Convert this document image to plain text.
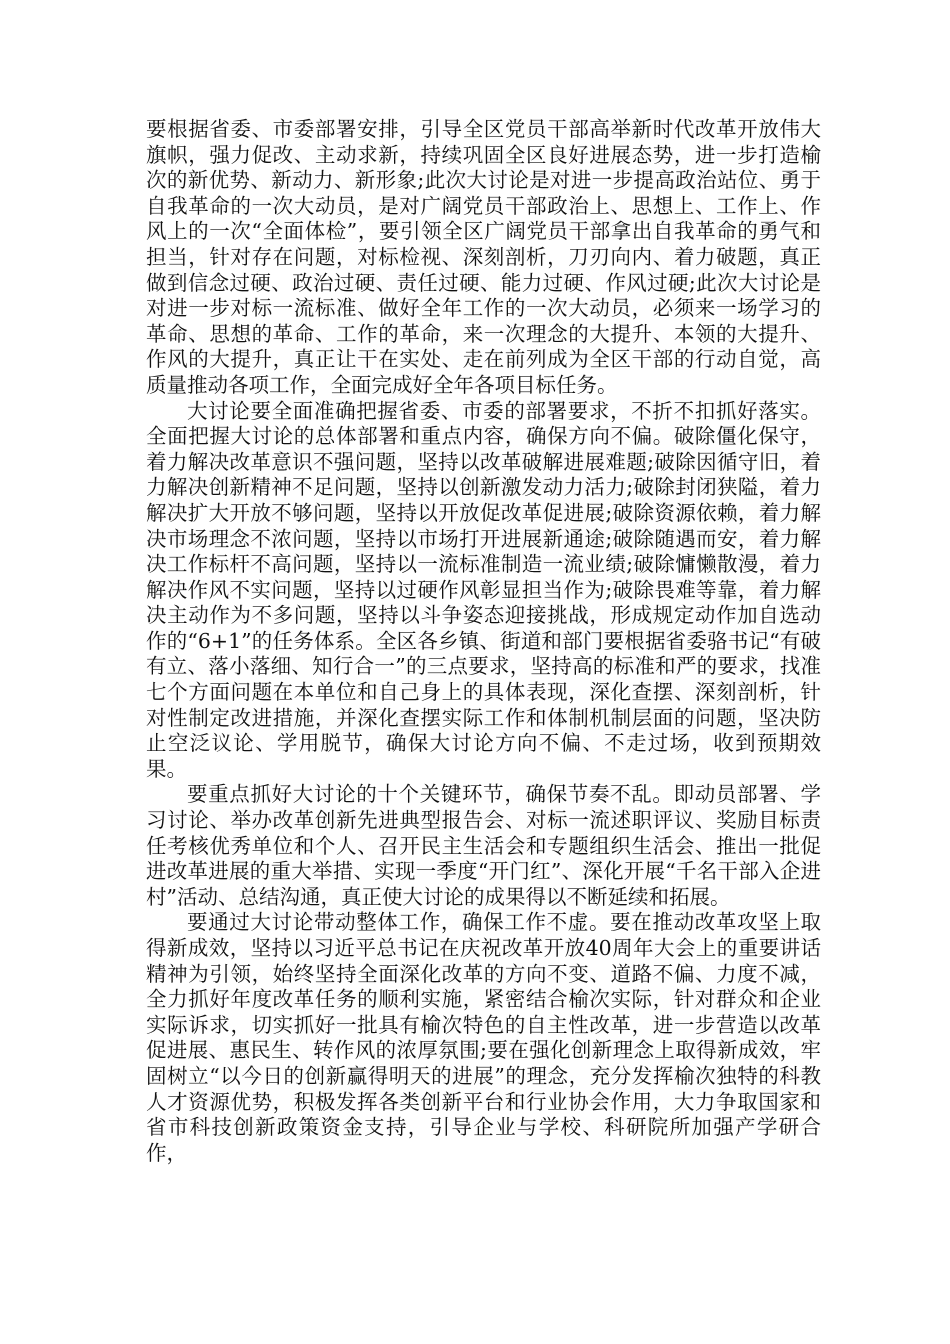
要根据省委、市委部署安排，引导全区党员干部高举新时代改革开放伟大旗帜，强力促改、主动求新，持续巩固全区良好进展态势，进一步打造榆次的新优势、新动力、新形象;此次大讨论是对进一步提高政治站位、勇于自我革命的一次大动员，是对广阔党员干部政治上、思想上、工作上、作风上的一次“全面体检”，要引领全区广阔党员干部拿出自我革命的勇气和担当，针对存在问题，对标检视、深刻剖析，刀刃向内、着力破题，真正做到信念过硬、政治过硬、责任过硬、能力过硬、作风过硬;此次大讨论是对进一步对标一流标准、做好全年工作的一次大动员，必须来一场学习的革命、思想的革命、工作的革命，来一次理念的大提升、本领的大提升、作风的大提升，真正让干在实处、走在前列成为全区干部的行动自觉，高质量推动各项工作，全面完成好全年各项目标任务。

大讨论要全面准确把握省委、市委的部署要求，不折不扣抓好落实。全面把握大讨论的总体部署和重点内容，确保方向不偏。破除僵化保守，着力解决改革意识不强问题，坚持以改革破解进展难题;破除因循守旧，着力解决创新精神不足问题，坚持以创新激发动力活力;破除封闭狭隘，着力解决扩大开放不够问题，坚持以开放促改革促进展;破除资源依赖，着力解决市场理念不浓问题，坚持以市场打开进展新通途;破除随遇而安，着力解决工作标杆不高问题，坚持以一流标准制造一流业绩;破除慵懒散漫，着力解决作风不实问题，坚持以过硬作风彰显担当作为;破除畏难等靠，着力解决主动作为不多问题，坚持以斗争姿态迎接挑战，形成规定动作加自选动作的“6+1”的任务体系。全区各乡镇、街道和部门要根据省委骆书记“有破有立、落小落细、知行合一”的三点要求，坚持高的标准和严的要求，找准七个方面问题在本单位和自己身上的具体表现，深化查摆、深刻剖析，针对性制定改进措施，并深化查摆实际工作和体制机制层面的问题，坚决防止空泛议论、学用脱节，确保大讨论方向不偏、不走过场，收到预期效果。

要重点抓好大讨论的十个关键环节，确保节奏不乱。即动员部署、学习讨论、举办改革创新先进典型报告会、对标一流述职评议、奖励目标责任考核优秀单位和个人、召开民主生活会和专题组织生活会、推出一批促进改革进展的重大举措、实现一季度“开门红”、深化开展“千名干部入企进村”活动、总结沟通，真正使大讨论的成果得以不断延续和拓展。

要通过大讨论带动整体工作，确保工作不虚。要在推动改革攻坚上取得新成效，坚持以习近平总书记在庆祝改革开放40周年大会上的重要讲话精神为引领，始终坚持全面深化改革的方向不变、道路不偏、力度不减，全力抓好年度改革任务的顺利实施，紧密结合榆次实际，针对群众和企业实际诉求，切实抓好一批具有榆次特色的自主性改革，进一步营造以改革促进展、惠民生、转作风的浓厚氛围;要在强化创新理念上取得新成效，牢固树立“以今日的创新赢得明天的进展”的理念，充分发挥榆次独特的科教人才资源优势，积极发挥各类创新平台和行业协会作用，大力争取国家和省市科技创新政策资金支持，引导企业与学校、科研院所加强产学研合作，
